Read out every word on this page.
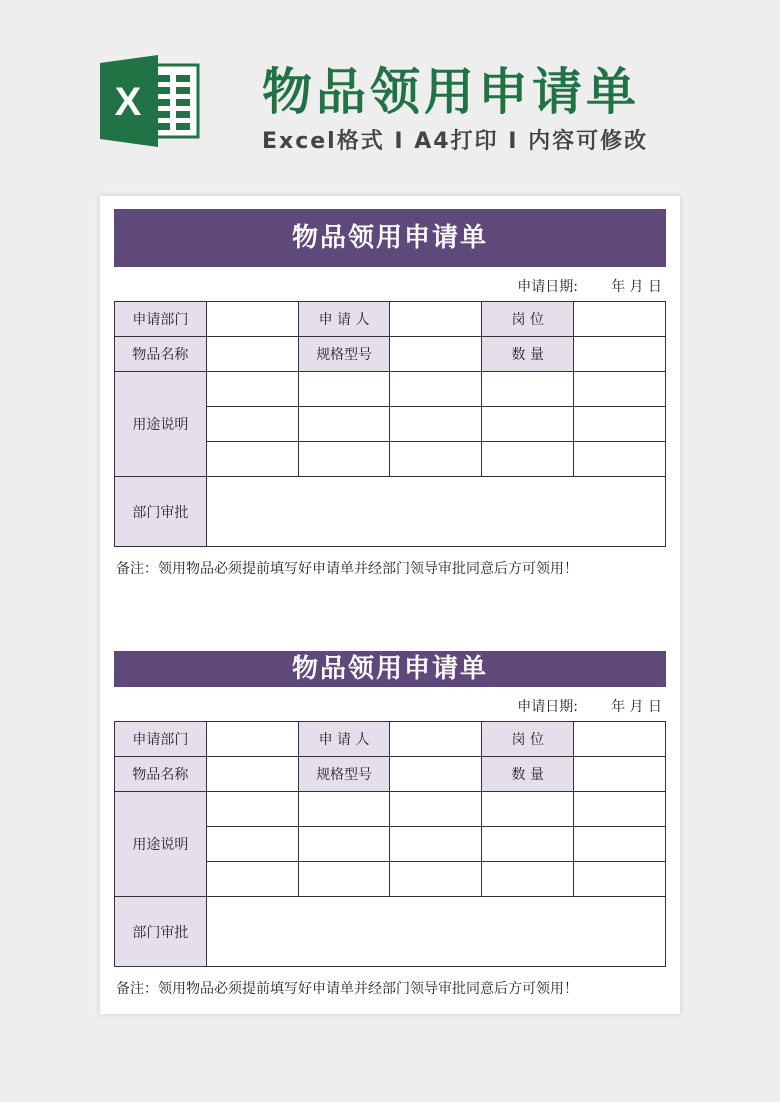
X 物品领用申请单
Excel格式 I A4打印 I 内容可修改
物品领用申请单
申请日期: 年 月 日
申请部门		申 请 人		岗 位	
物品名称		规格型号		数 量	
用途说明					

部门审批					
备注：领用物品必须提前填写好申请单并经部门领导审批同意后方可领用！
物品领用申请单
申请日期: 年 月 日
申请部门		申 请 人		岗 位	
物品名称		规格型号		数 量	
用途说明					

部门审批					
备注：领用物品必须提前填写好申请单并经部门领导审批同意后方可领用！
